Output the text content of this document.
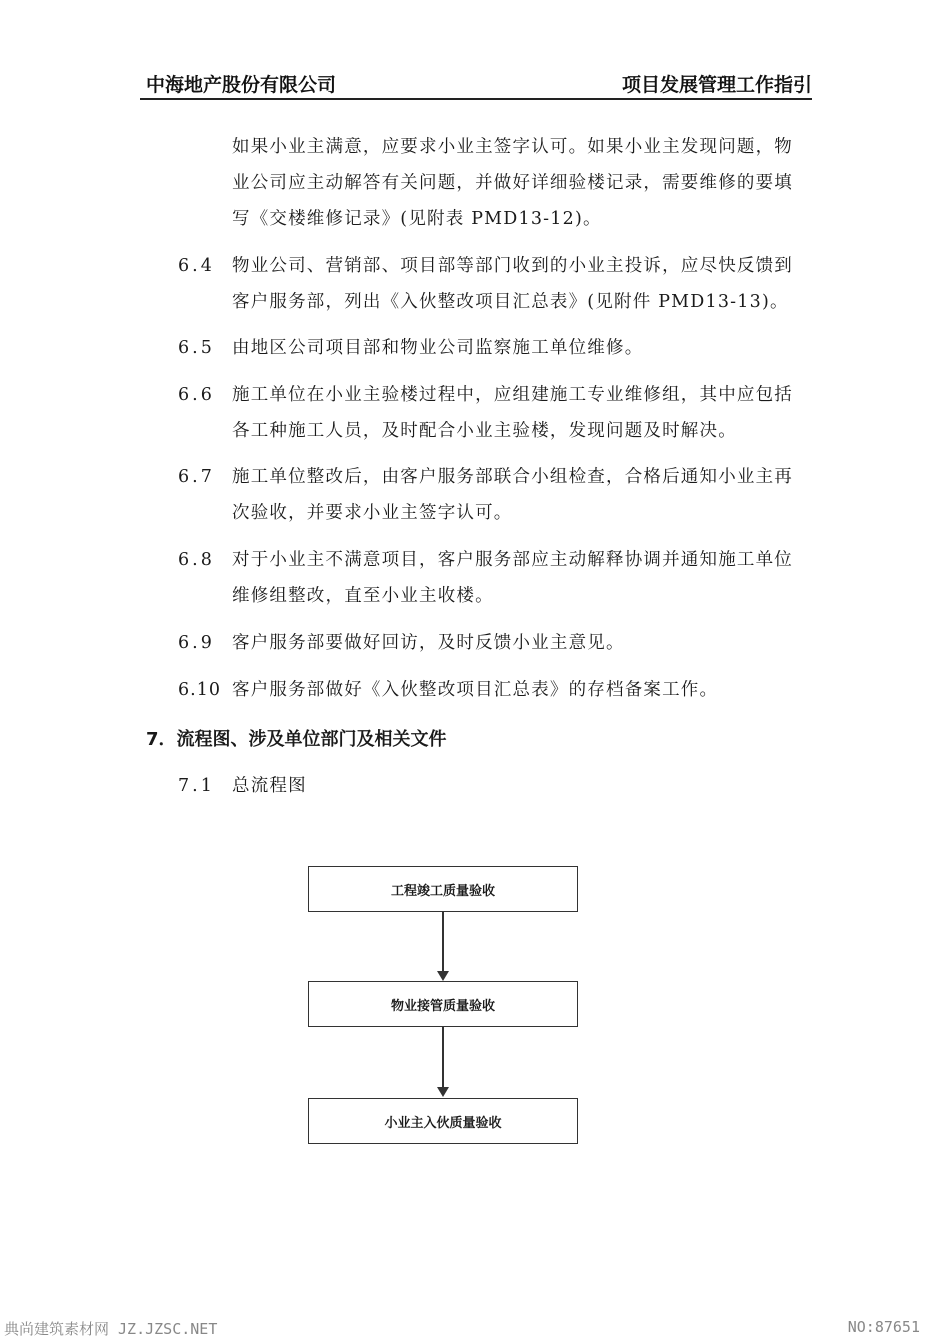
中海地产股份有限公司	项目发展管理工作指引
如果小业主满意，应要求小业主签字认可。如果小业主发现问题，物
业公司应主动解答有关问题，并做好详细验楼记录，需要维修的要填
写《交楼维修记录》(见附表 PMD13-12)。
6.4 物业公司、营销部、项目部等部门收到的小业主投诉，应尽快反馈到
客户服务部，列出《入伙整改项目汇总表》(见附件 PMD13-13)。
6.5 由地区公司项目部和物业公司监察施工单位维修。
6.6 施工单位在小业主验楼过程中，应组建施工专业维修组，其中应包括
各工种施工人员，及时配合小业主验楼，发现问题及时解决。
6.7 施工单位整改后，由客户服务部联合小组检查，合格后通知小业主再
次验收，并要求小业主签字认可。
6.8 对于小业主不满意项目，客户服务部应主动解释协调并通知施工单位
维修组整改，直至小业主收楼。
6.9 客户服务部要做好回访，及时反馈小业主意见。
6.10 客户服务部做好《入伙整改项目汇总表》的存档备案工作。
7．流程图、涉及单位部门及相关文件
7.1 总流程图
工程竣工质量验收
物业接管质量验收
小业主入伙质量验收
典尚建筑素材网 JZ.JZSC.NET	NO:87651
